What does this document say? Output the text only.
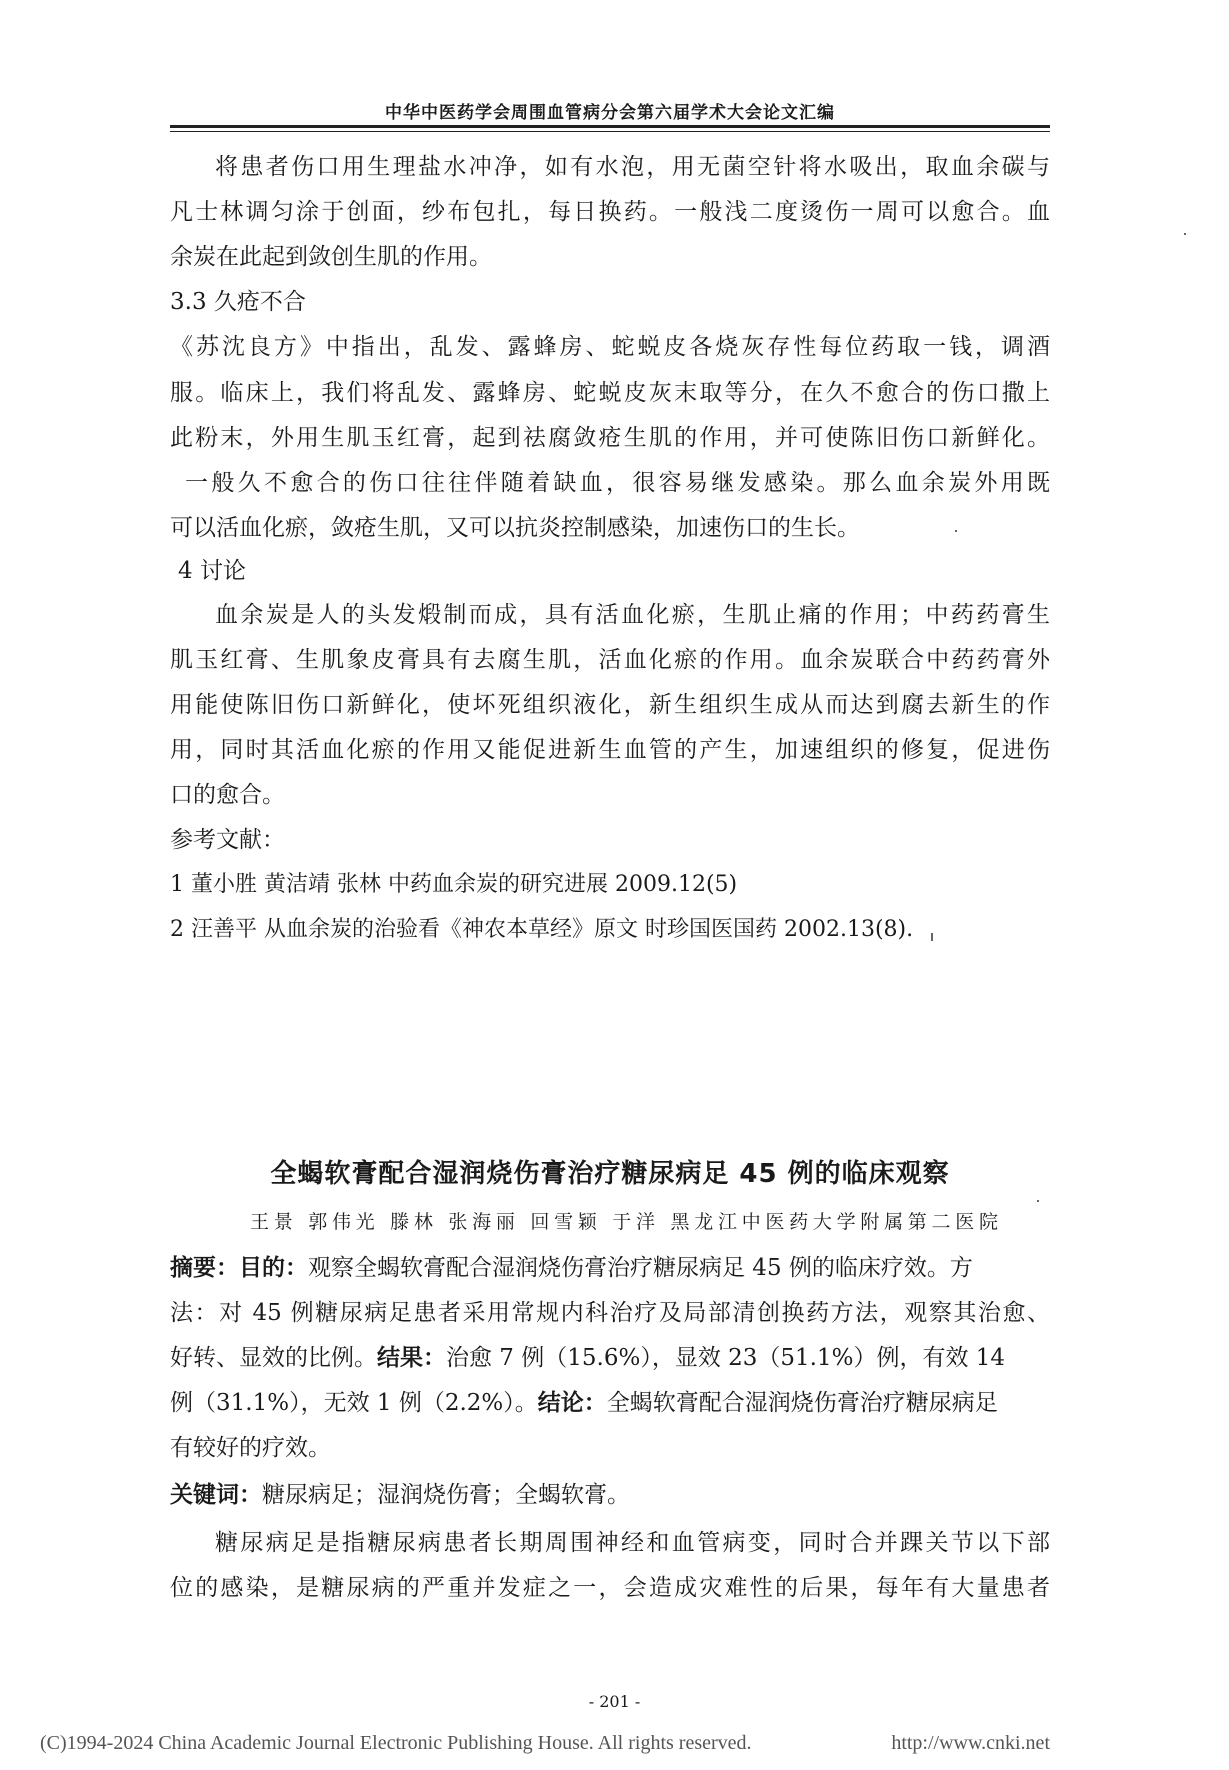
中华中医药学会周围血管病分会第六届学术大会论文汇编
将患者伤口用生理盐水冲净，如有水泡，用无菌空针将水吸出，取血余碳与
凡士林调匀涂于创面，纱布包扎，每日换药。一般浅二度烫伤一周可以愈合。血
余炭在此起到敛创生肌的作用。
3.3 久疮不合
《苏沈良方》中指出，乱发、露蜂房、蛇蜕皮各烧灰存性每位药取一钱，调酒
服。临床上，我们将乱发、露蜂房、蛇蜕皮灰末取等分，在久不愈合的伤口撒上
此粉末，外用生肌玉红膏，起到祛腐敛疮生肌的作用，并可使陈旧伤口新鲜化。
一般久不愈合的伤口往往伴随着缺血，很容易继发感染。那么血余炭外用既
可以活血化瘀，敛疮生肌，又可以抗炎控制感染，加速伤口的生长。
4 讨论
血余炭是人的头发煅制而成，具有活血化瘀，生肌止痛的作用；中药药膏生
肌玉红膏、生肌象皮膏具有去腐生肌，活血化瘀的作用。血余炭联合中药药膏外
用能使陈旧伤口新鲜化，使坏死组织液化，新生组织生成从而达到腐去新生的作
用，同时其活血化瘀的作用又能促进新生血管的产生，加速组织的修复，促进伤
口的愈合。
参考文献：
1 董小胜 黄洁靖 张林 中药血余炭的研究进展 2009.12(5)
2 汪善平 从血余炭的治验看《神农本草经》原文 时珍国医国药 2002.13(8).
全蝎软膏配合湿润烧伤膏治疗糖尿病足 45 例的临床观察
王景 郭伟光 滕林 张海丽 回雪颖 于洋 黑龙江中医药大学附属第二医院
摘要：目的：观察全蝎软膏配合湿润烧伤膏治疗糖尿病足 45 例的临床疗效。方
法：对 45 例糖尿病足患者采用常规内科治疗及局部清创换药方法，观察其治愈、
好转、显效的比例。结果：治愈 7 例（15.6%），显效 23（51.1%）例，有效 14
例（31.1%），无效 1 例（2.2%）。结论：全蝎软膏配合湿润烧伤膏治疗糖尿病足
有较好的疗效。
关键词：糖尿病足；湿润烧伤膏；全蝎软膏。
糖尿病足是指糖尿病患者长期周围神经和血管病变，同时合并踝关节以下部
位的感染，是糖尿病的严重并发症之一，会造成灾难性的后果，每年有大量患者
- 201 -
(C)1994-2024 China Academic Journal Electronic Publishing House. All rights reserved.	http://www.cnki.net
